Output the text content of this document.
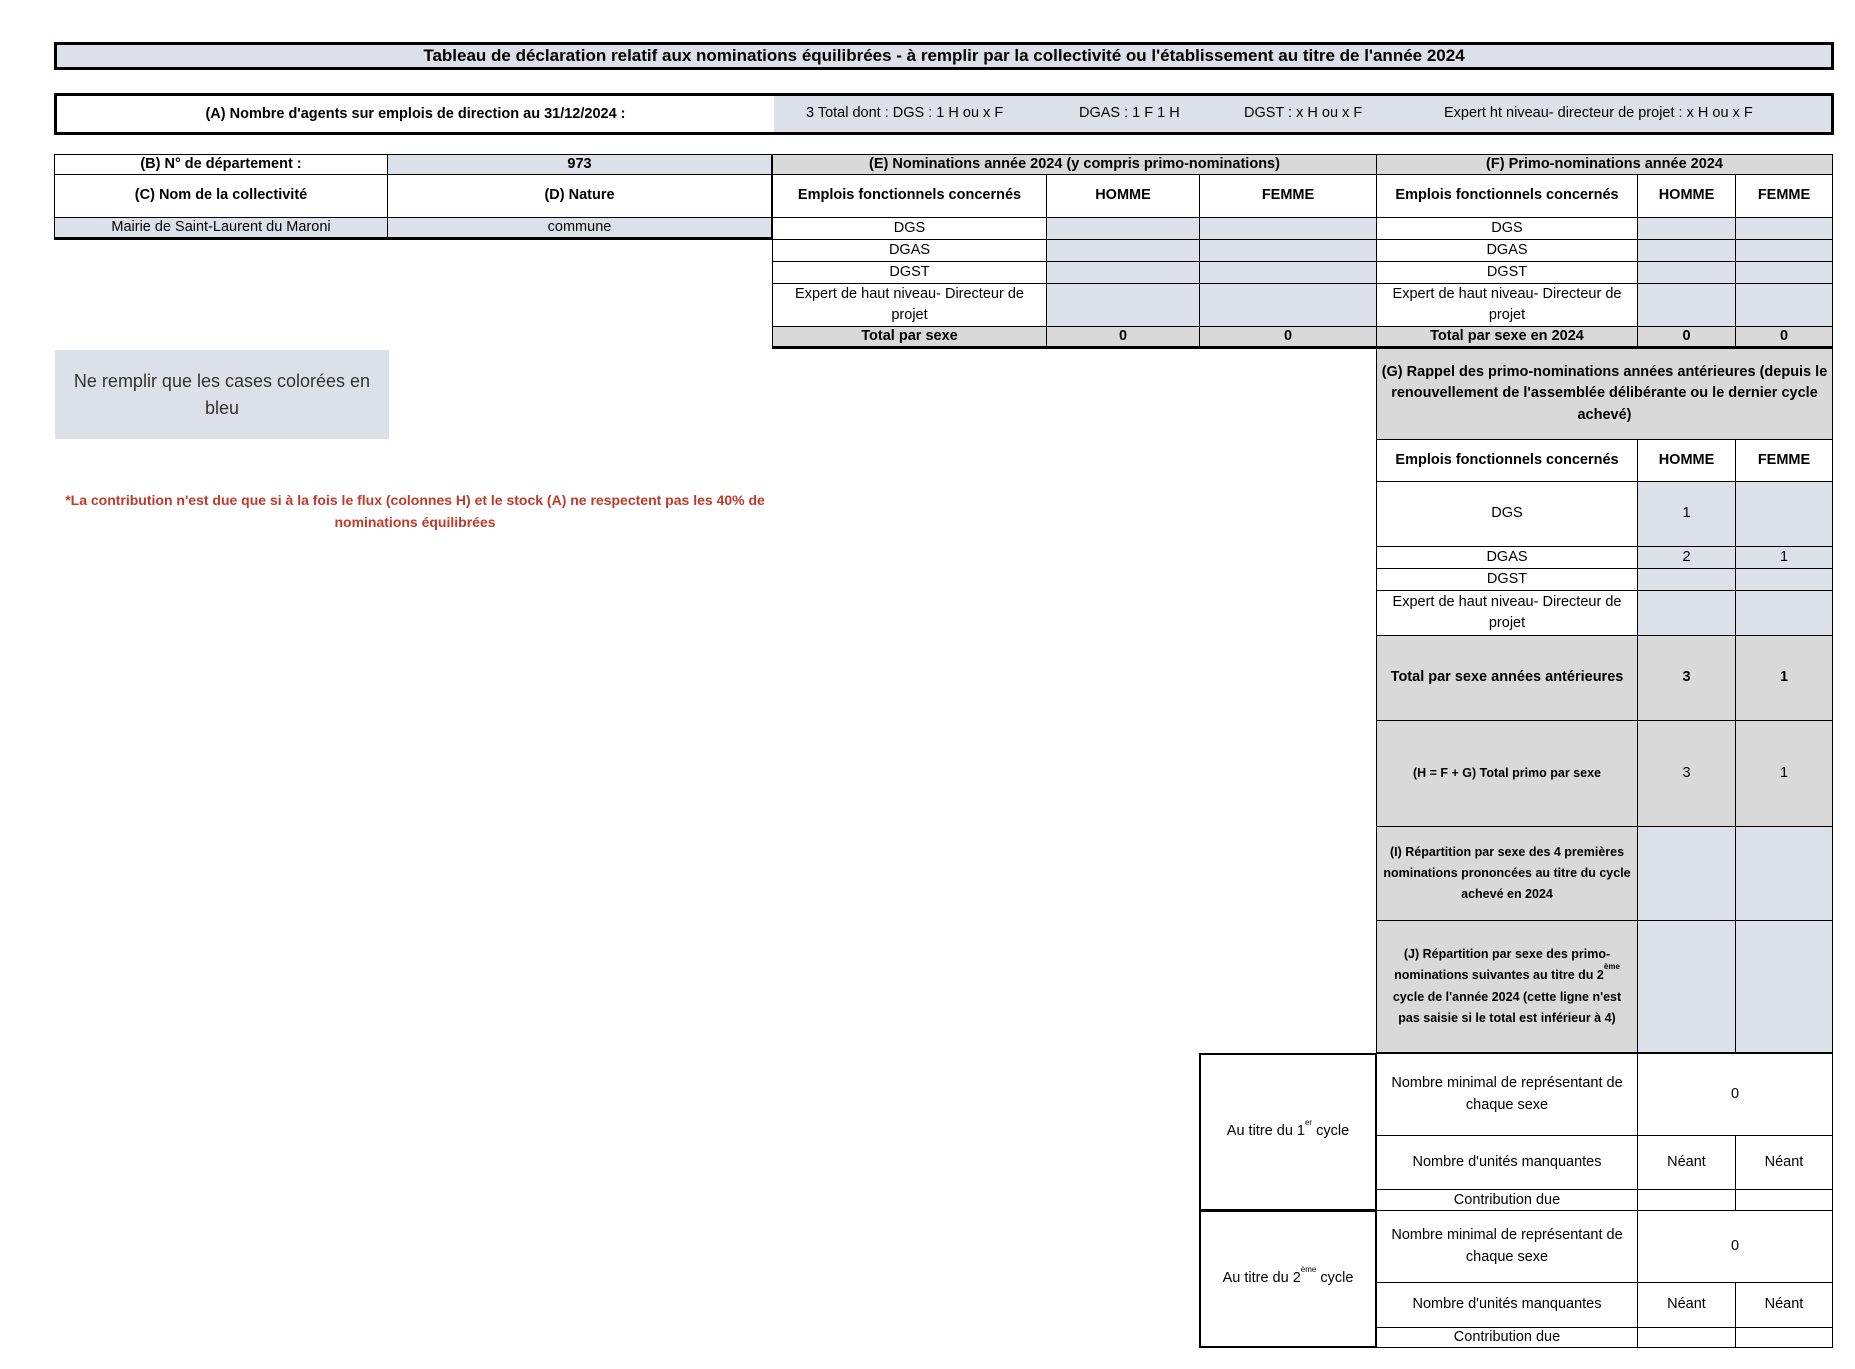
Tableau de déclaration relatif aux nominations équilibrées - à remplir par la collectivité ou l'établissement au titre de l'année 2024
(A) Nombre d'agents sur emplois de direction au 31/12/2024 :	3 Total dont : DGS : 1 H ou x F	DGAS : 1 F 1 H	DGST : x H ou x F	Expert ht niveau- directeur de projet : x H ou x F
(B) N° de département :	973
(C) Nom de la collectivité	(D) Nature
Mairie de Saint-Laurent du Maroni	commune
(E) Nominations année 2024 (y compris primo-nominations)
Emplois fonctionnels concernés	HOMME	FEMME
DGS
DGAS
DGST
Expert de haut niveau- Directeur de projet
Total par sexe	0	0
(F) Primo-nominations année 2024
Emplois fonctionnels concernés	HOMME	FEMME
DGS
DGAS
DGST
Expert de haut niveau- Directeur de projet
Total par sexe en 2024	0	0
(G) Rappel des primo-nominations années antérieures (depuis le renouvellement de l'assemblée délibérante ou le dernier cycle achevé)
Emplois fonctionnels concernés	HOMME	FEMME
DGS	1
DGAS	2	1
DGST
Expert de haut niveau- Directeur de projet
Total par sexe années antérieures	3	1
(H = F + G) Total primo par sexe	3	1
(I) Répartition par sexe des 4 premières nominations prononcées au titre du cycle achevé en 2024
(J) Répartition par sexe des primo-nominations suivantes au titre du 2ème cycle de l'année 2024 (cette ligne n'est pas saisie si le total est inférieur à 4)
Au titre du 1er cycle
Nombre minimal de représentant de chaque sexe
0
Nombre d'unités manquantes	Néant	Néant
Contribution due
Au titre du 2ème cycle
Nombre minimal de représentant de chaque sexe
0
Nombre d'unités manquantes	Néant	Néant
Contribution due
Ne remplir que les cases colorées en bleu
*La contribution n'est due que si à la fois le flux (colonnes H) et le stock (A) ne respectent pas les 40% de nominations équilibrées
